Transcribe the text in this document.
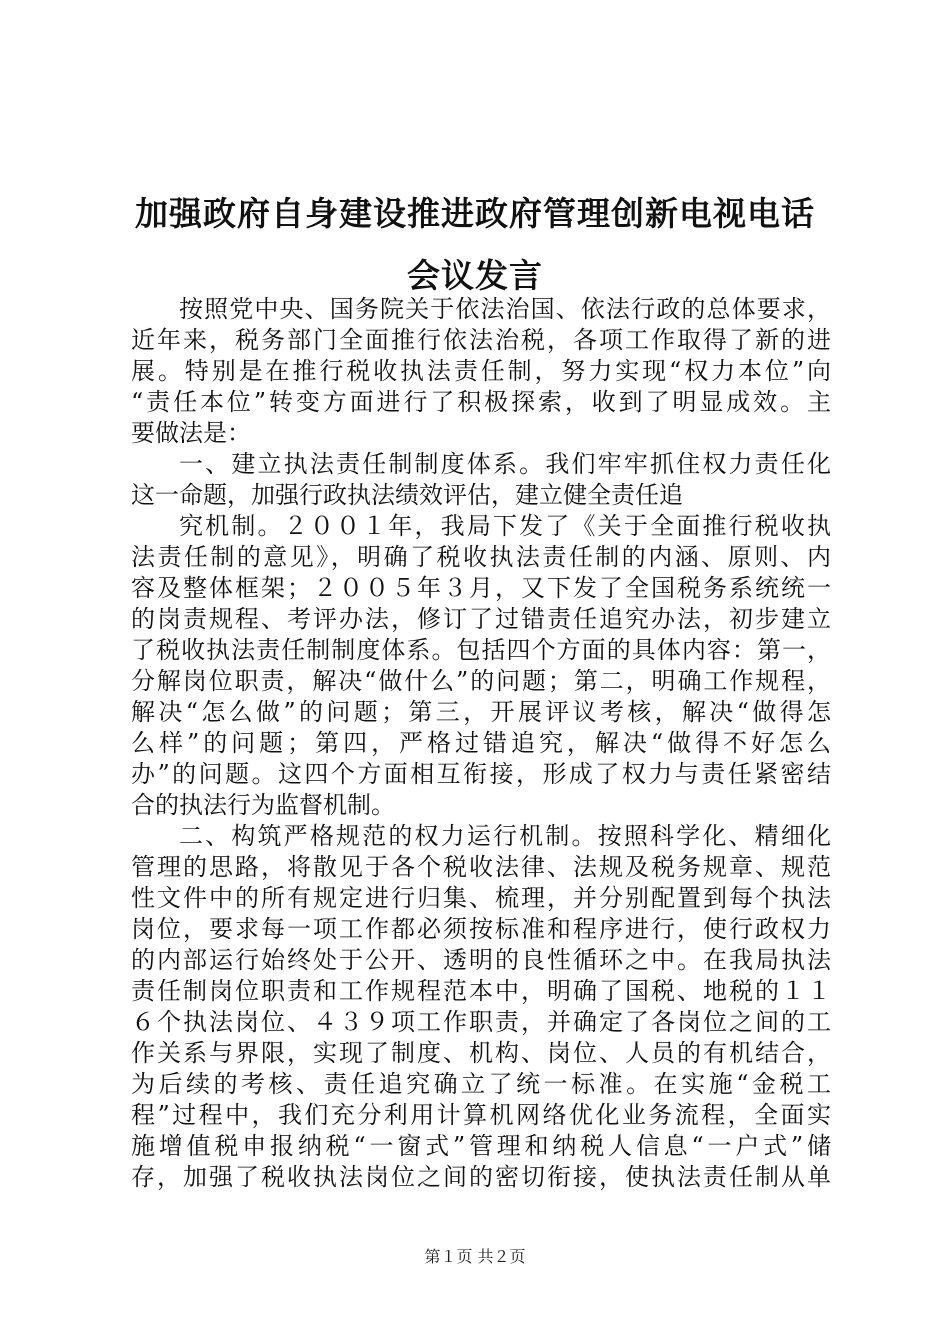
加强政府自身建设推进政府管理创新电视电话
会议发言
按照党中央、国务院关于依法治国、依法行政的总体要求，
近年来，税务部门全面推行依法治税，各项工作取得了新的进
展。特别是在推行税收执法责任制，努力实现“权力本位”向
“责任本位”转变方面进行了积极探索，收到了明显成效。主
要做法是：
一、建立执法责任制制度体系。我们牢牢抓住权力责任化
这一命题，加强行政执法绩效评估，建立健全责任追
究机制。２００１年，我局下发了《关于全面推行税收执
法责任制的意见》，明确了税收执法责任制的内涵、原则、内
容及整体框架；２００５年３月，又下发了全国税务系统统一
的岗责规程、考评办法，修订了过错责任追究办法，初步建立
了税收执法责任制制度体系。包括四个方面的具体内容：第一，
分解岗位职责，解决“做什么”的问题；第二，明确工作规程，
解决“怎么做”的问题；第三，开展评议考核，解决“做得怎
么样”的问题；第四，严格过错追究，解决“做得不好怎么
办”的问题。这四个方面相互衔接，形成了权力与责任紧密结
合的执法行为监督机制。
二、构筑严格规范的权力运行机制。按照科学化、精细化
管理的思路，将散见于各个税收法律、法规及税务规章、规范
性文件中的所有规定进行归集、梳理，并分别配置到每个执法
岗位，要求每一项工作都必须按标准和程序进行，使行政权力
的内部运行始终处于公开、透明的良性循环之中。在我局执法
责任制岗位职责和工作规程范本中，明确了国税、地税的１１
６个执法岗位、４３９项工作职责，并确定了各岗位之间的工
作关系与界限，实现了制度、机构、岗位、人员的有机结合，
为后续的考核、责任追究确立了统一标准。在实施“金税工
程”过程中，我们充分利用计算机网络优化业务流程，全面实
施增值税申报纳税“一窗式”管理和纳税人信息“一户式”储
存，加强了税收执法岗位之间的密切衔接，使执法责任制从单
第１页 共２页
